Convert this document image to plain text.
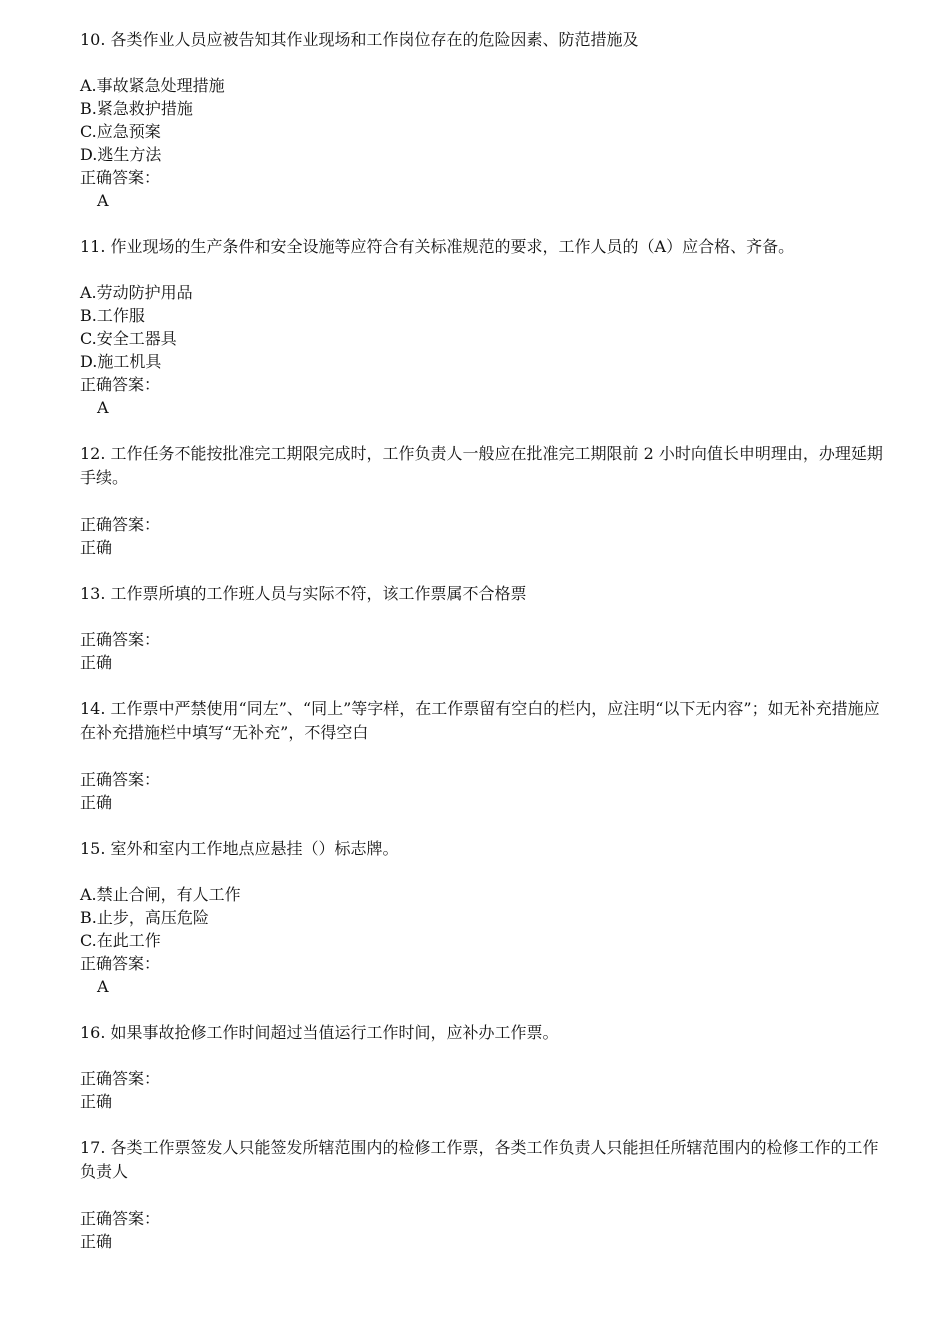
10. 各类作业人员应被告知其作业现场和工作岗位存在的危险因素、防范措施及
A.事故紧急处理措施
B.紧急救护措施
C.应急预案
D.逃生方法
正确答案：
A
11. 作业现场的生产条件和安全设施等应符合有关标准规范的要求，工作人员的（A）应合格、齐备。
A.劳动防护用品
B.工作服
C.安全工器具
D.施工机具
正确答案：
A
12. 工作任务不能按批准完工期限完成时，工作负责人一般应在批准完工期限前 2 小时向值长申明理由，办理延期手续。
正确答案：
正确
13. 工作票所填的工作班人员与实际不符，该工作票属不合格票
正确答案：
正确
14. 工作票中严禁使用“同左”、“同上”等字样，在工作票留有空白的栏内，应注明“以下无内容”；如无补充措施应在补充措施栏中填写“无补充”，不得空白
正确答案：
正确
15. 室外和室内工作地点应悬挂（）标志牌。
A.禁止合闸，有人工作
B.止步，高压危险
C.在此工作
正确答案：
A
16. 如果事故抢修工作时间超过当值运行工作时间，应补办工作票。
正确答案：
正确
17. 各类工作票签发人只能签发所辖范围内的检修工作票，各类工作负责人只能担任所辖范围内的检修工作的工作负责人
正确答案：
正确
